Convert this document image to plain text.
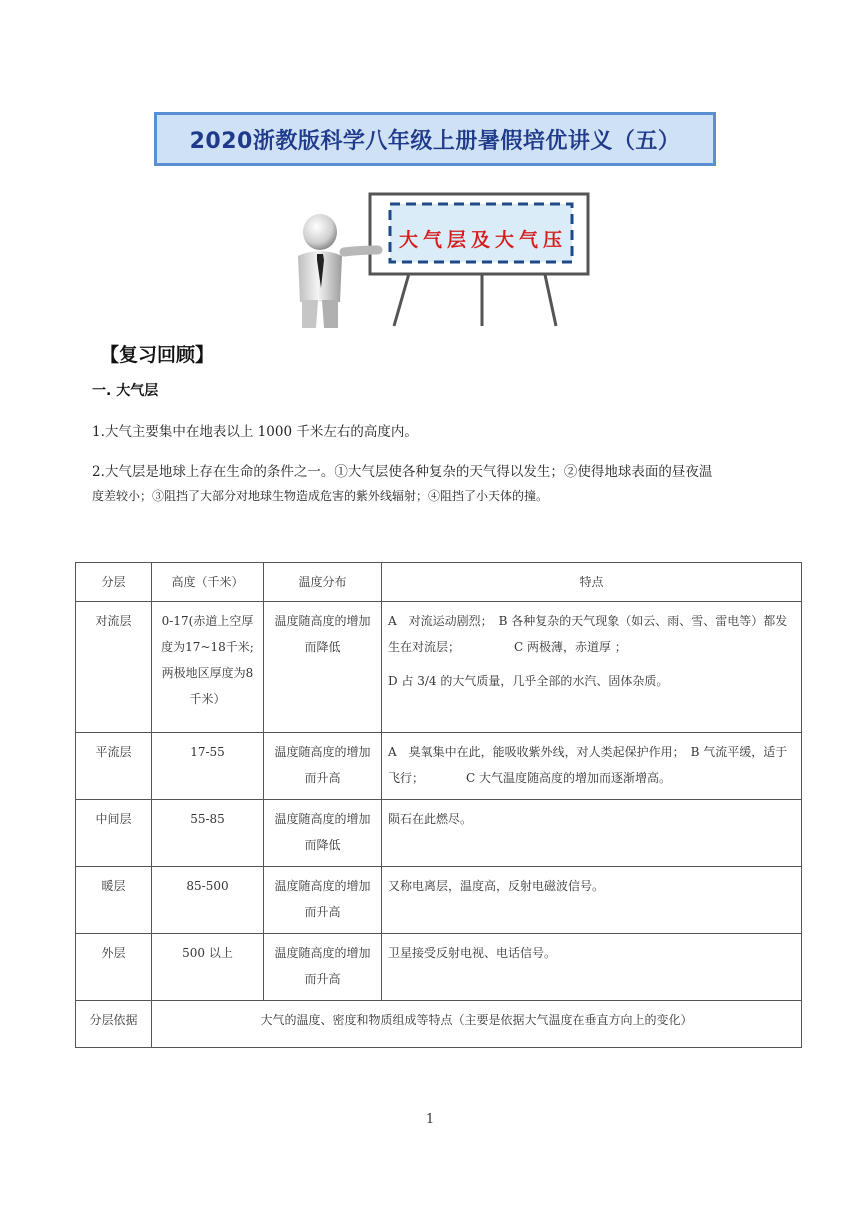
2020浙教版科学八年级上册暑假培优讲义（五）
大气层及大气压
【复习回顾】
一. 大气层
1.大气主要集中在地表以上 1000 千米左右的高度内。
2.大气层是地球上存在生命的条件之一。①大气层使各种复杂的天气得以发生；②使得地球表面的昼夜温
度差较小；③阻挡了大部分对地球生物造成危害的紫外线辐射；④阻挡了小天体的撞。
分层	高度（千米）	温度分布	特点
对流层	0-17(赤道上空厚度为17~18千米;两极地区厚度为8千米）	温度随高度的增加而降低	A　对流运动剧烈；　B 各种复杂的天气现象（如云、雨、雪、雷电等）都发生在对流层；　　　　　C 两极薄，赤道厚 ；
D 占 3/4 的大气质量，几乎全部的水汽、固体杂质。

平流层	17-55	温度随高度的增加而升高	A　臭氧集中在此，能吸收紫外线，对人类起保护作用；　B 气流平缓，适于飞行；　　　　C 大气温度随高度的增加而逐渐增高。
中间层	55-85	温度随高度的增加而降低	陨石在此燃尽。
暖层	85-500	温度随高度的增加而升高	又称电离层，温度高，反射电磁波信号。
外层	500 以上	温度随高度的增加而升高	卫星接受反射电视、电话信号。
分层依据	大气的温度、密度和物质组成等特点（主要是依据大气温度在垂直方向上的变化）		
1
